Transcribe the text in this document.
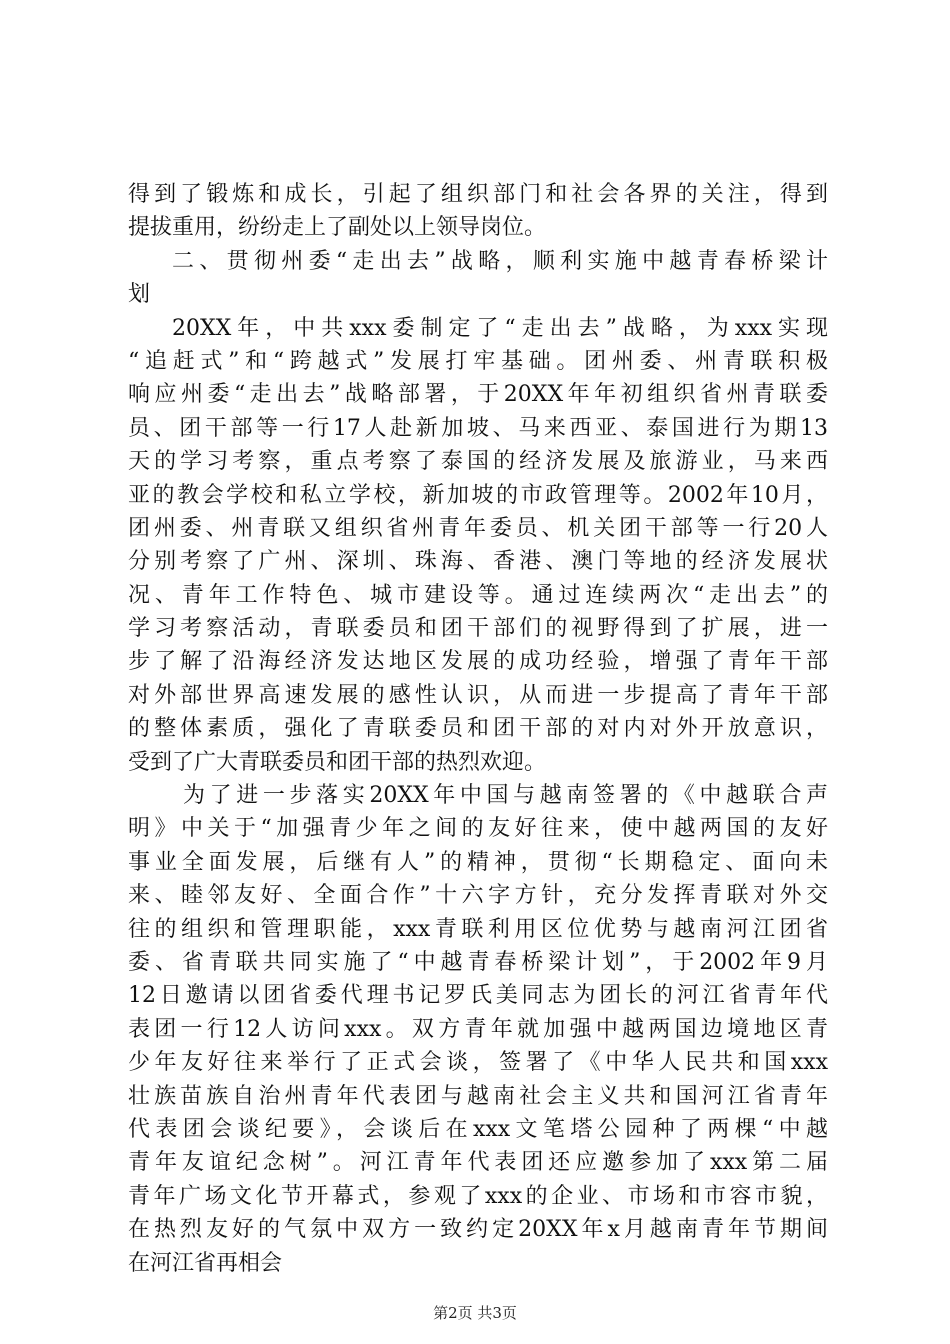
得到了锻炼和成长，引起了组织部门和社会各界的关注，得到
提拔重用，纷纷走上了副处以上领导岗位。
二、贯彻州委“走出去”战略，顺利实施中越青春桥梁计
划
20XX年，中共xxx委制定了“走出去”战略，为xxx实现
“追赶式”和“跨越式”发展打牢基础。团州委、州青联积极
响应州委“走出去”战略部署，于20XX年年初组织省州青联委
员、团干部等一行17人赴新加坡、马来西亚、泰国进行为期13
天的学习考察，重点考察了泰国的经济发展及旅游业，马来西
亚的教会学校和私立学校，新加坡的市政管理等。2002年10月，
团州委、州青联又组织省州青年委员、机关团干部等一行20人
分别考察了广州、深圳、珠海、香港、澳门等地的经济发展状
况、青年工作特色、城市建设等。通过连续两次“走出去”的
学习考察活动，青联委员和团干部们的视野得到了扩展，进一
步了解了沿海经济发达地区发展的成功经验，增强了青年干部
对外部世界高速发展的感性认识，从而进一步提高了青年干部
的整体素质，强化了青联委员和团干部的对内对外开放意识，
受到了广大青联委员和团干部的热烈欢迎。
为了进一步落实20XX年中国与越南签署的《中越联合声
明》中关于“加强青少年之间的友好往来，使中越两国的友好
事业全面发展，后继有人”的精神，贯彻“长期稳定、面向未
来、睦邻友好、全面合作”十六字方针，充分发挥青联对外交
往的组织和管理职能，xxx青联利用区位优势与越南河江团省
委、省青联共同实施了“中越青春桥梁计划”，于2002年9月
12日邀请以团省委代理书记罗氏美同志为团长的河江省青年代
表团一行12人访问xxx。双方青年就加强中越两国边境地区青
少年友好往来举行了正式会谈，签署了《中华人民共和国xxx
壮族苗族自治州青年代表团与越南社会主义共和国河江省青年
代表团会谈纪要》，会谈后在xxx文笔塔公园种了两棵“中越
青年友谊纪念树”。河江青年代表团还应邀参加了xxx第二届
青年广场文化节开幕式，参观了xxx的企业、市场和市容市貌，
在热烈友好的气氛中双方一致约定20XX年x月越南青年节期间
在河江省再相会
第2页 共3页
